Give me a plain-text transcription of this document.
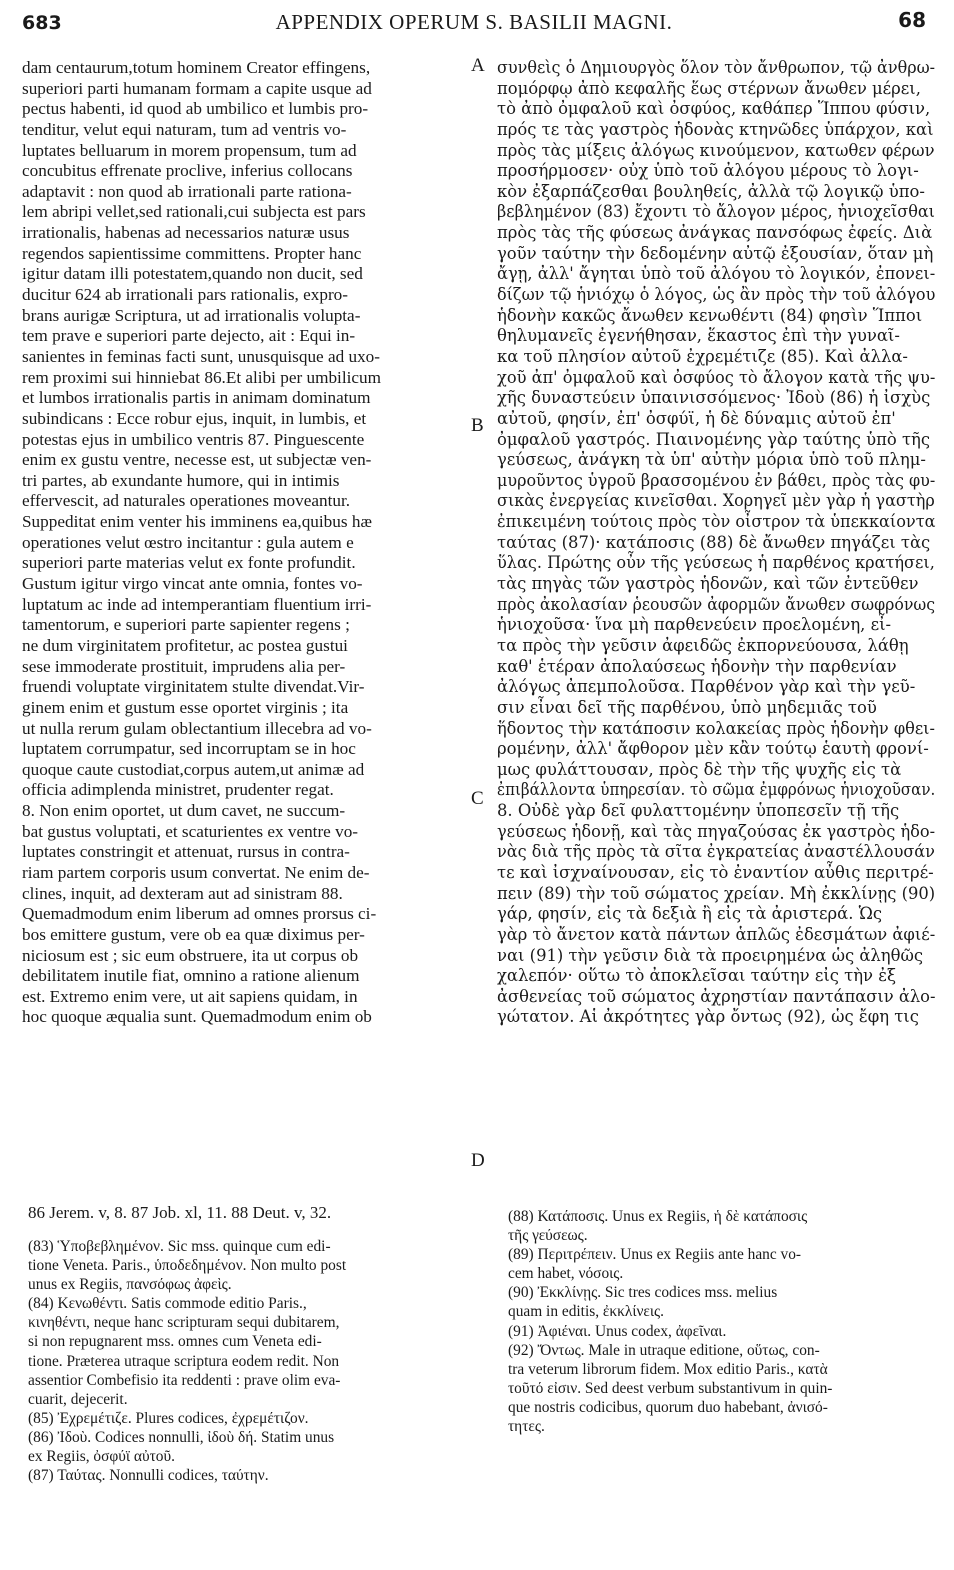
683	APPENDIX OPERUM S. BASILII MAGNI.	68
dam centaurum,totum hominem Creator effingens,
superiori parti humanam formam a capite usque ad
pectus habenti, id quod ab umbilico et lumbis pro-
tenditur, velut equi naturam, tum ad ventris vo-
luptates belluarum in morem propensum, tum ad
concubitus effrenate proclive, inferius collocans
adaptavit : non quod ab irrationali parte rationa-
lem abripi vellet,sed rationali,cui subjecta est pars
irrationalis, habenas ad necessarios naturæ usus
regendos sapientissime committens. Propter hanc
igitur datam illi potestatem,quando non ducit, sed
ducitur 624 ab irrationali pars rationalis, expro-
brans aurigæ Scriptura, ut ad irrationalis volupta-
tem prave e superiori parte dejecto, ait : Equi in-
sanientes in feminas facti sunt, unusquisque ad uxo-
rem proximi sui hinniebat 86.Et alibi per umbilicum
et lumbos irrationalis partis in animam dominatum
subindicans : Ecce robur ejus, inquit, in lumbis, et
potestas ejus in umbilico ventris 87. Pinguescente
enim ex gustu ventre, necesse est, ut subjectæ ven-
tri partes, ab exundante humore, qui in intimis
effervescit, ad naturales operationes moveantur.
Suppeditat enim venter his imminens ea,quibus hæ
operationes velut œstro incitantur : gula autem e
superiori parte materias velut ex fonte profundit.
Gustum igitur virgo vincat ante omnia, fontes vo-
luptatum ac inde ad intemperantiam fluentium irri-
tamentorum, e superiori parte sapienter regens ;
ne dum virginitatem profitetur, ac postea gustui
sese immoderate prostituit, imprudens alia per-
fruendi voluptate virginitatem stulte divendat.Vir-
ginem enim et gustum esse oportet virginis ; ita
ut nulla rerum gulam oblectantium illecebra ad vo-
luptatem corrumpatur, sed incorruptam se in hoc
quoque caute custodiat,corpus autem,ut animæ ad
officia adimplenda ministret, prudenter regat.
8. Non enim oportet, ut dum cavet, ne succum-
bat gustus voluptati, et scaturientes ex ventre vo-
luptates constringit et attenuat, rursus in contra-
riam partem corporis usum convertat. Ne enim de-
clines, inquit, ad dexteram aut ad sinistram 88.
Quemadmodum enim liberum ad omnes prorsus ci-
bos emittere gustum, vere ob ea quæ diximus per-
niciosum est ; sic eum obstruere, ita ut corpus ob
debilitatem inutile fiat, omnino a ratione alienum
est. Extremo enim vere, ut ait sapiens quidam, in
hoc quoque æqualia sunt. Quemadmodum enim ob
A
B
C
D
συνθεὶς ὁ Δημιουργὸς ὅλον τὸν ἄνθρωπον, τῷ ἀνθρω-
πομόρφῳ ἀπὸ κεφαλῆς ἕως στέρνων ἄνωθεν μέρει,
τὸ ἀπὸ ὀμφαλοῦ καὶ ὀσφύος, καθάπερ Ἵππου φύσιν,
πρός τε τὰς γαστρὸς ἡδονὰς κτηνῶδες ὑπάρχον, καὶ
πρὸς τὰς μίξεις ἀλόγως κινούμενον, κατωθεν φέρων
προσήρμοσεν· οὐχ ὑπὸ τοῦ ἀλόγου μέρους τὸ λογι-
κὸν ἐξαρπάζεσθαι βουληθείς, ἀλλὰ τῷ λογικῷ ὑπο-
βεβλημένον (83) ἔχοντι τὸ ἄλογον μέρος, ἡνιοχεῖσθαι
πρὸς τὰς τῆς φύσεως ἀνάγκας πανσόφως ἐφείς. Διὰ
γοῦν ταύτην τὴν δεδομένην αὐτῷ ἐξουσίαν, ὅταν μὴ
ἄγῃ, ἀλλ' ἄγηται ὑπὸ τοῦ ἀλόγου τὸ λογικόν, ἐπονει-
δίζων τῷ ἡνιόχῳ ὁ λόγος, ὡς ἂν πρὸς τὴν τοῦ ἀλόγου
ἡδονὴν κακῶς ἄνωθεν κενωθέντι (84) φησὶν Ἵπποι
θηλυμανεῖς ἐγενήθησαν, ἕκαστος ἐπὶ τὴν γυναῖ-
κα τοῦ πλησίον αὐτοῦ ἐχρεμέτιζε (85). Καὶ ἀλλα-
χοῦ ἀπ' ὀμφαλοῦ καὶ ὀσφύος τὸ ἄλογον κατὰ τῆς ψυ-
χῆς δυναστεύειν ὑπαινισσόμενος· Ἰδοὺ (86) ἡ ἰσχὺς
αὐτοῦ, φησίν, ἐπ' ὀσφύϊ, ἡ δὲ δύναμις αὐτοῦ ἐπ'
ὀμφαλοῦ γαστρός. Πιαινομένης γὰρ ταύτης ὑπὸ τῆς
γεύσεως, ἀνάγκη τὰ ὑπ' αὐτὴν μόρια ὑπὸ τοῦ πλημ-
μυροῦντος ὑγροῦ βρασσομένου ἐν βάθει, πρὸς τὰς φυ-
σικὰς ἐνεργείας κινεῖσθαι. Χορηγεῖ μὲν γὰρ ἡ γαστὴρ
ἐπικειμένη τούτοις πρὸς τὸν οἶστρον τὰ ὑπεκκαίοντα
ταύτας (87)· κατάποσις (88) δὲ ἄνωθεν πηγάζει τὰς
ὕλας. Πρώτης οὖν τῆς γεύσεως ἡ παρθένος κρατήσει,
τὰς πηγὰς τῶν γαστρὸς ἡδονῶν, καὶ τῶν ἐντεῦθεν
πρὸς ἀκολασίαν ῥεουσῶν ἀφορμῶν ἄνωθεν σωφρόνως
ἡνιοχοῦσα· ἵνα μὴ παρθενεύειν προελομένη, εἶ-
τα πρὸς τὴν γεῦσιν ἀφειδῶς ἐκπορνεύουσα, λάθῃ
καθ' ἑτέραν ἀπολαύσεως ἡδονὴν τὴν παρθενίαν
ἀλόγως ἀπεμπολοῦσα. Παρθένον γὰρ καὶ τὴν γεῦ-
σιν εἶναι δεῖ τῆς παρθένου, ὑπὸ μηδεμιᾶς τοῦ
ἥδοντος τὴν κατάποσιν κολακείας πρὸς ἡδονὴν φθει-
ρομένην, ἀλλ' ἄφθορον μὲν κἂν τούτῳ ἑαυτὴ φρονί-
μως φυλάττουσαν, πρὸς δὲ τὴν τῆς ψυχῆς εἰς τὰ
ἐπιβάλλοντα ὑπηρεσίαν. τὸ σῶμα ἐμφρόνως ἡνιοχοῦσαν.
8. Οὐδὲ γὰρ δεῖ φυλαττομένην ὑποπεσεῖν τῇ τῆς
γεύσεως ἡδονῇ, καὶ τὰς πηγαζούσας ἐκ γαστρὸς ἡδο-
νὰς διὰ τῆς πρὸς τὰ σῖτα ἐγκρατείας ἀναστέλλουσάν
τε καὶ ἰσχναίνουσαν, εἰς τὸ ἐναντίον αὖθις περιτρέ-
πειν (89) τὴν τοῦ σώματος χρείαν. Μὴ ἐκκλίνῃς (90)
γάρ, φησίν, εἰς τὰ δεξιὰ ἢ εἰς τὰ ἀριστερά. Ὡς
γὰρ τὸ ἄνετον κατὰ πάντων ἁπλῶς ἐδεσμάτων ἀφιέ-
ναι (91) τὴν γεῦσιν διὰ τὰ προειρημένα ὡς ἀληθῶς
χαλεπόν· οὕτω τὸ ἀποκλεῖσαι ταύτην εἰς τὴν ἐξ
ἀσθενείας τοῦ σώματος ἀχρηστίαν παντάπασιν ἀλο-
γώτατον. Αἱ ἀκρότητες γὰρ ὄντως (92), ὡς ἔφη τις
86 Jerem. v, 8. 87 Job. xl, 11. 88 Deut. v, 32.
(83) Ὑποβεβλημένον. Sic mss. quinque cum edi-
tione Veneta. Paris., ὑποδεδημένον. Non multo post
unus ex Regiis, πανσόφως ἀφεὶς.
(84) Κενωθέντι. Satis commode editio Paris.,
κινηθέντι, neque hanc scripturam sequi dubitarem,
si non repugnarent mss. omnes cum Veneta edi-
tione. Præterea utraque scriptura eodem redit. Non
assentior Combefisio ita reddenti : prave olim eva-
cuarit, dejecerit.
(85) Ἐχρεμέτιζε. Plures codices, ἐχρεμέτιζον.
(86) Ἰδοὺ. Codices nonnulli, ἰδοὺ δή. Statim unus
ex Regiis, ὀσφύϊ αὐτοῦ.
(87) Ταύτας. Nonnulli codices, ταύτην.
(88) Κατάποσις. Unus ex Regiis, ἡ δὲ κατάποσις
τῆς γεύσεως.
(89) Περιτρέπειν. Unus ex Regiis ante hanc vo-
cem habet, νόσοις.
(90) Ἐκκλίνῃς. Sic tres codices mss. melius
quam in editis, ἐκκλίνεις.
(91) Ἀφιέναι. Unus codex, ἀφεῖναι.
(92) Ὄντως. Male in utraque editione, οὕτως, con-
tra veterum librorum fidem. Mox editio Paris., κατὰ
τοῦτό εἰσιν. Sed deest verbum substantivum in quin-
que nostris codicibus, quorum duo habebant, ἀνισό-
τητες.
